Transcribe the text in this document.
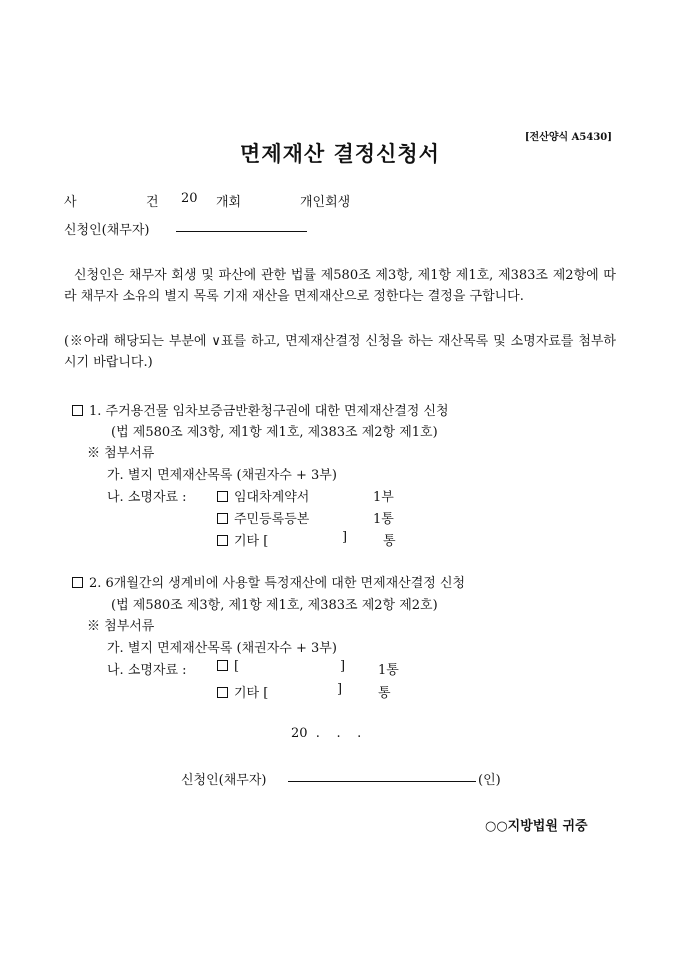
[전산양식 A5430]
면제재산 결정신청서
사	건 20 개회	개인회생
신청인(채무자)
신청인은 채무자 회생 및 파산에 관한 법률 제580조 제3항, 제1항 제1호, 제383조 제2항에 따라 채무자 소유의 별지 목록 기재 재산을 면제재산으로 정한다는 결정을 구합니다.
(※아래 해당되는 부분에 ∨표를 하고, 면제재산결정 신청을 하는 재산목록 및 소명자료를 첨부하시기 바랍니다.)
1. 주거용건물 임차보증금반환청구권에 대한 면제재산결정 신청
(법 제580조 제3항, 제1항 제1호, 제383조 제2항 제1호)
※ 첨부서류
가. 별지 면제재산목록 (채권자수 + 3부)
나. 소명자료 :	임대차계약서	1부
주민등록등본	1통
기타 [	]	통
2. 6개월간의 생계비에 사용할 특정재산에 대한 면제재산결정 신청
(법 제580조 제3항, 제1항 제1호, 제383조 제2항 제2호)
※ 첨부서류
가. 별지 면제재산목록 (채권자수 + 3부)
나. 소명자료 :	[	]	1통
기타 [	]	통
20  .    .    .
신청인(채무자)	(인)
○○지방법원 귀중
